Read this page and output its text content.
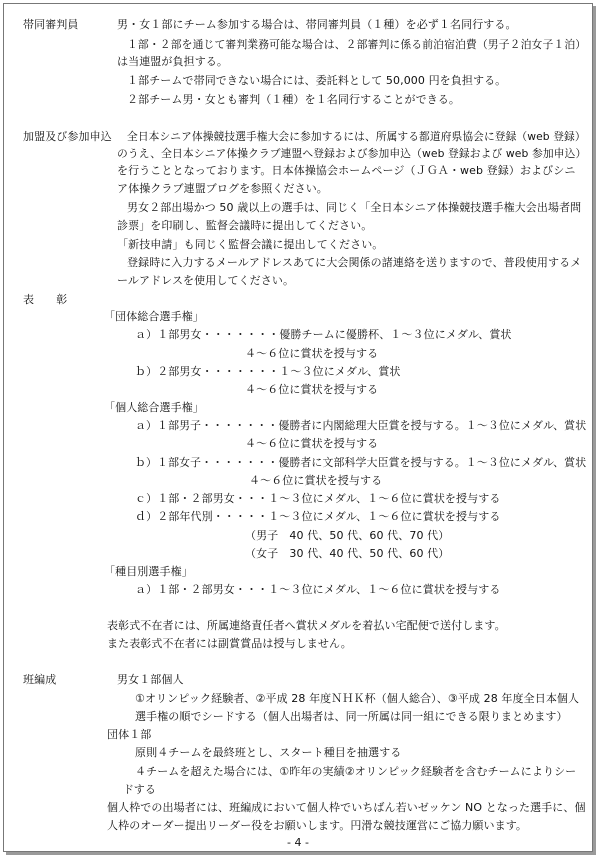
帯同審判員	男・女１部にチーム参加する場合は、帯同審判員（１種）を必ず１名同行する。
１部・２部を通じて審判業務可能な場合は、２部審判に係る前泊宿泊費（男子２泊女子１泊）
は当連盟が負担する。
１部チームで帯同できない場合には、委託料として 50,000 円を負担する。
２部チーム男・女とも審判（１種）を１名同行することができる。
加盟及び参加申込 全日本シニア体操競技選手権大会に参加するには、所属する都道府県協会に登録（web 登録）
のうえ、全日本シニア体操クラブ連盟へ登録および参加申込（web 登録および web 参加申込）
を行うこととなっております。日本体操協会ホームページ（ＪＧＡ・web 登録）およびシニ
ア体操クラブ連盟ブログを参照ください。
男女２部出場かつ 50 歳以上の選手は、同じく「全日本シニア体操競技選手権大会出場者問
診票」を印刷し、監督会議時に提出してください。
「新技申請」も同じく監督会議に提出してください。
登録時に入力するメールアドレスあてに大会関係の諸連絡を送りますので、普段使用するメ
ールアドレスを使用してください。
表　　彰
「団体総合選手権」
ａ）１部男女・・・・・・・優勝チームに優勝杯、１～３位にメダル、賞状
４～６位に賞状を授与する
ｂ）２部男女・・・・・・・１～３位にメダル、賞状
４～６位に賞状を授与する
「個人総合選手権」
ａ）１部男子・・・・・・・優勝者に内閣総理大臣賞を授与する。１～３位にメダル、賞状
４～６位に賞状を授与する
ｂ）１部女子・・・・・・・優勝者に文部科学大臣賞を授与する。１～３位にメダル、賞状
４～６位に賞状を授与する
ｃ）１部・２部男女・・・１～３位にメダル、１～６位に賞状を授与する
ｄ）２部年代別・・・・・１～３位にメダル、１～６位に賞状を授与する
（男子　40 代、50 代、60 代、70 代）
（女子　30 代、40 代、50 代、60 代）
「種目別選手権」
ａ）１部・２部男女・・・１～３位にメダル、１～６位に賞状を授与する
表彰式不在者には、所属連絡責任者へ賞状メダルを着払い宅配便で送付します。
また表彰式不在者には副賞賞品は授与しません。
班編成	男女１部個人
①オリンピック経験者、②平成 28 年度ＮＨＫ杯（個人総合）、③平成 28 年度全日本個人
選手権の順でシードする（個人出場者は、同一所属は同一組にできる限りまとめます）
団体１部
原則４チームを最終班とし、スタート種目を抽選する
４チームを超えた場合には、①昨年の実績②オリンピック経験者を含むチームによりシー
ドする
個人枠での出場者には、班編成において個人枠でいちばん若いゼッケン NO となった選手に、個
人枠のオーダー提出リーダー役をお願いします。円滑な競技運営にご協力願います。
- 4 -
